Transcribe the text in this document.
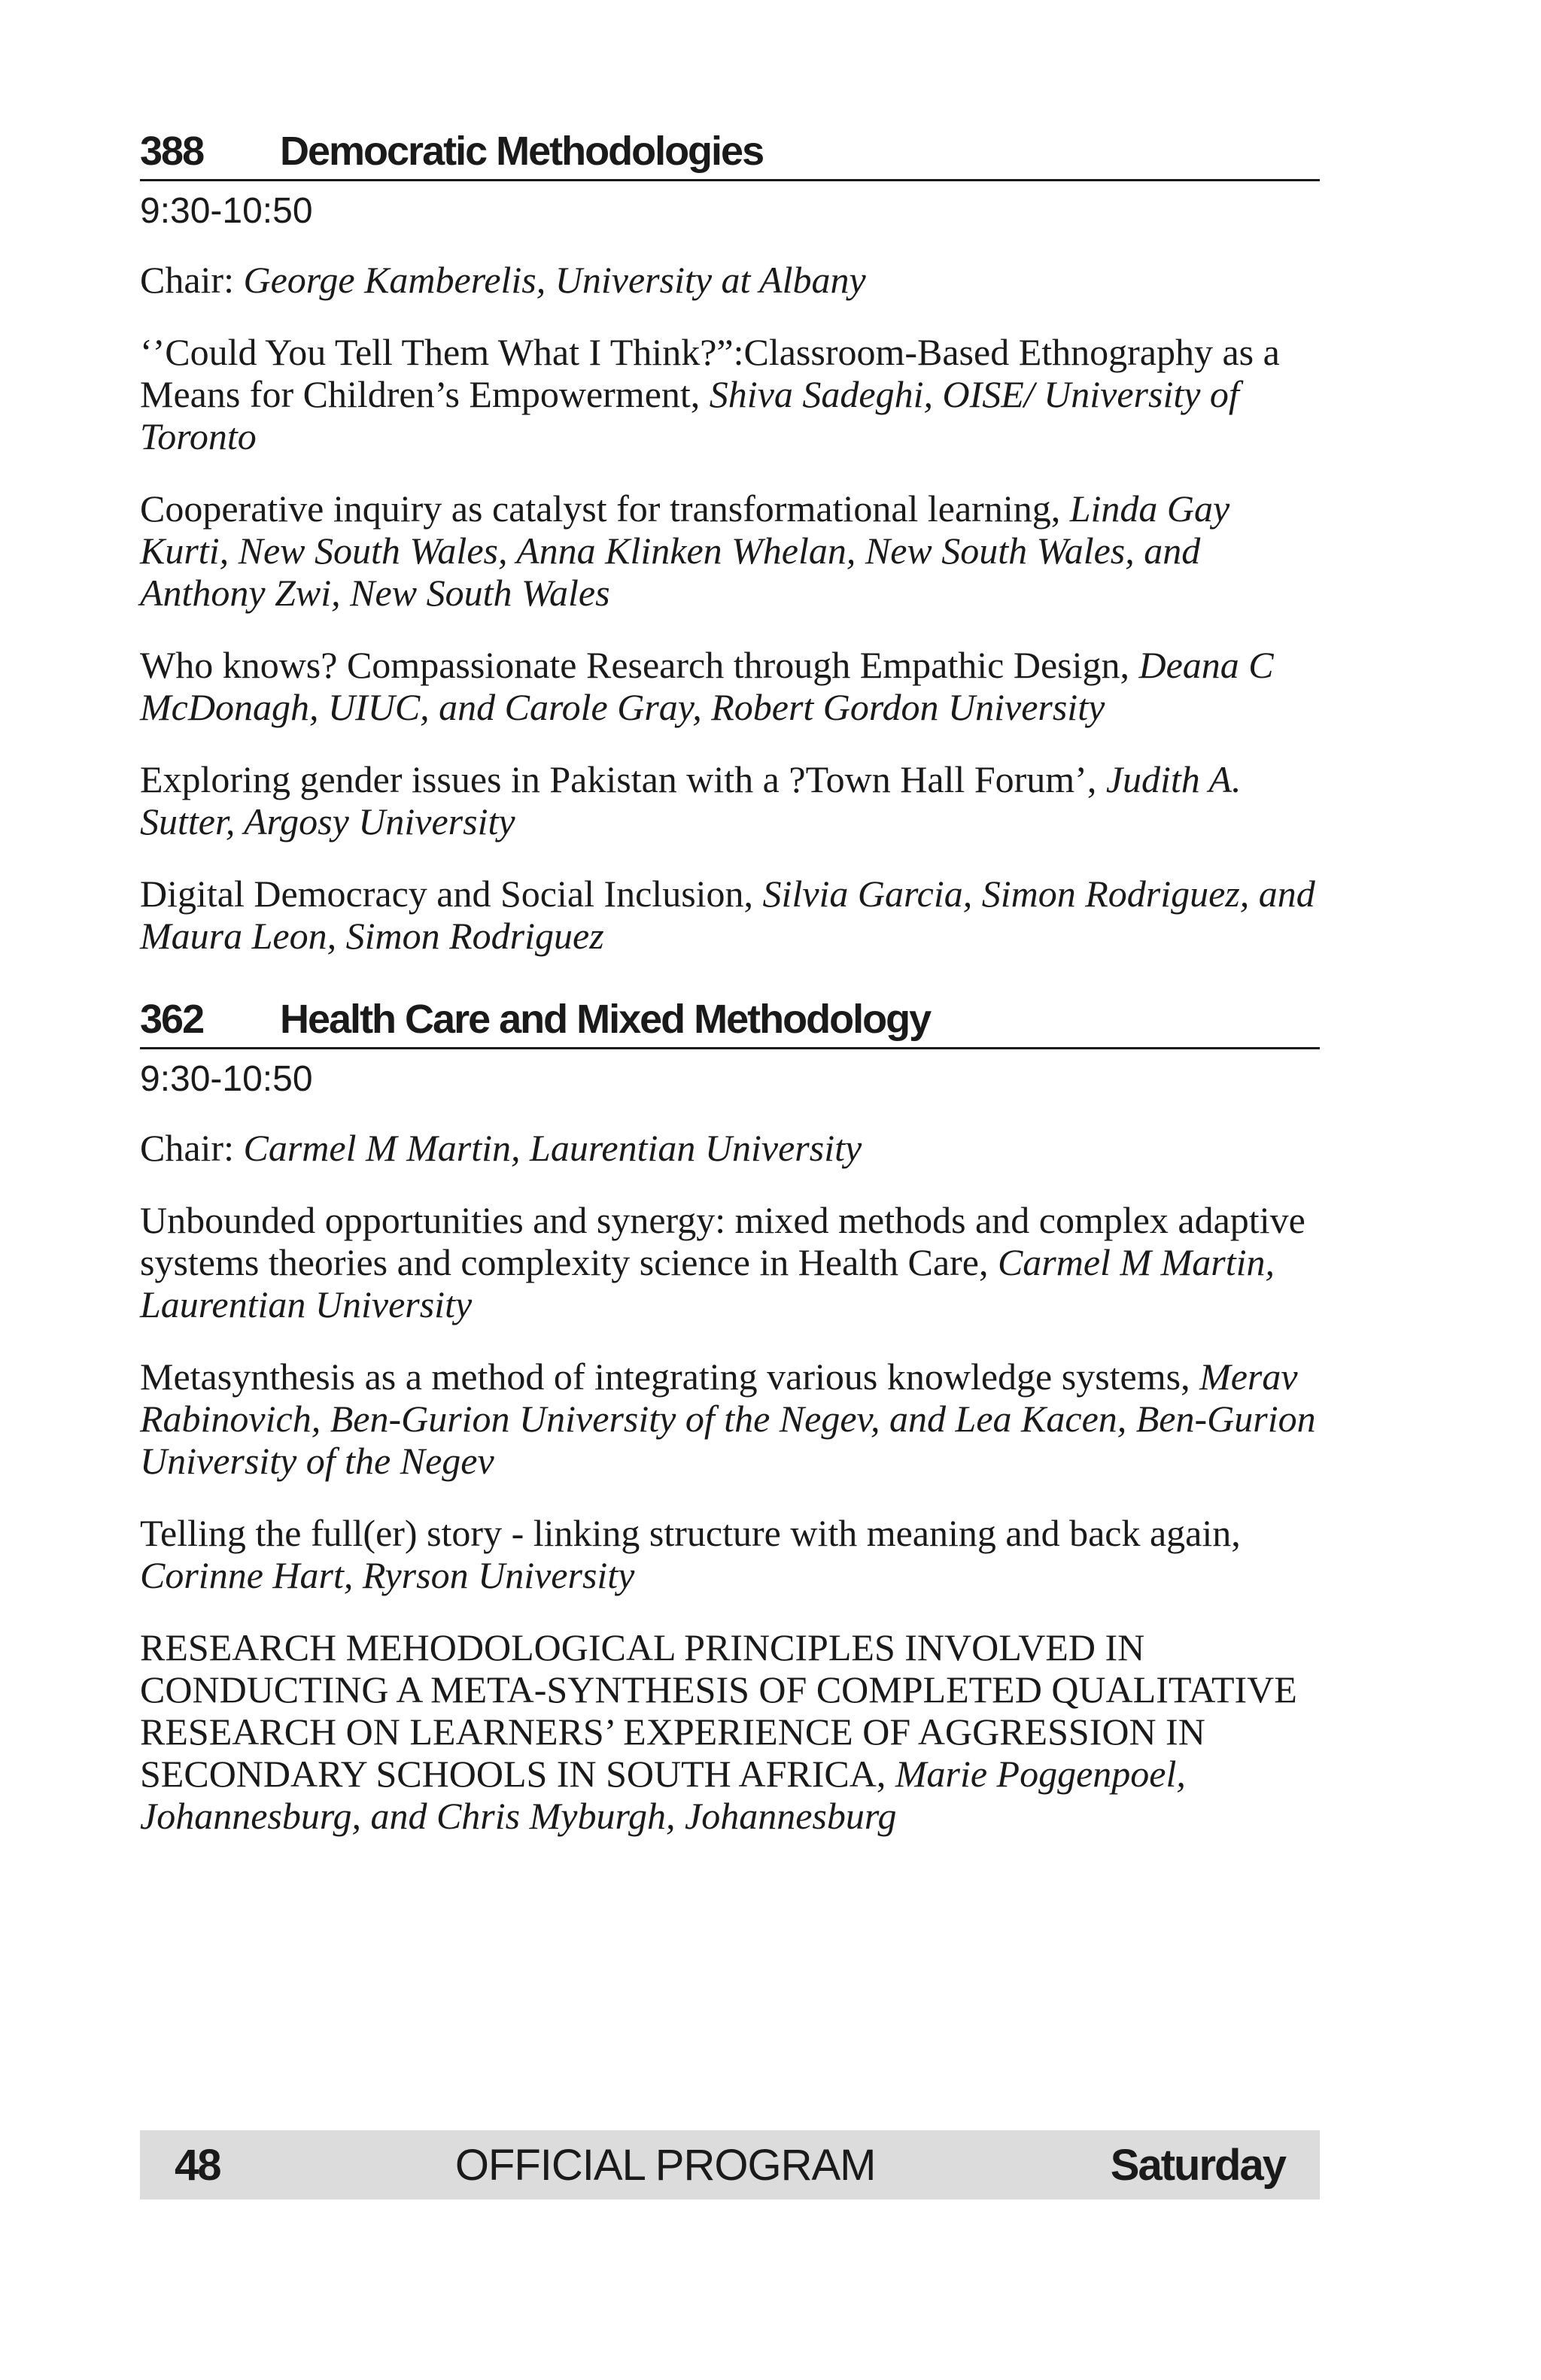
388	Democratic Methodologies
9:30-10:50

Chair: George Kamberelis, University at Albany

‘’Could You Tell Them What I Think?”:Classroom-Based Ethnography as a Means for Children’s Empowerment, Shiva Sadeghi, OISE/ University of Toronto

Cooperative inquiry as catalyst for transformational learning, Linda Gay Kurti, New South Wales, Anna Klinken Whelan, New South Wales, and Anthony Zwi, New South Wales

Who knows? Compassionate Research through Empathic Design, Deana C McDonagh, UIUC, and Carole Gray, Robert Gordon University

Exploring gender issues in Pakistan with a ?Town Hall Forum’, Judith A. Sutter, Argosy University

Digital Democracy and Social Inclusion, Silvia Garcia, Simon Rodriguez, and Maura Leon, Simon Rodriguez

362	Health Care and Mixed Methodology
9:30-10:50

Chair: Carmel M Martin, Laurentian University

Unbounded opportunities and synergy: mixed methods and complex adaptive systems theories and complexity science in Health Care, Carmel M Martin, Laurentian University

Metasynthesis as a method of integrating various knowledge systems, Merav Rabinovich, Ben-Gurion University of the Negev, and Lea Kacen, Ben-Gurion University of the Negev

Telling the full(er) story - linking structure with meaning and back again, Corinne Hart, Ryrson University

RESEARCH MEHODOLOGICAL PRINCIPLES INVOLVED IN CONDUCTING A META-SYNTHESIS OF COMPLETED QUALITATIVE RESEARCH ON LEARNERS’ EXPERIENCE OF AGGRESSION IN SECONDARY SCHOOLS IN SOUTH AFRICA, Marie Poggenpoel, Johannesburg, and Chris Myburgh, Johannesburg

48	OFFICIAL PROGRAM	Saturday
